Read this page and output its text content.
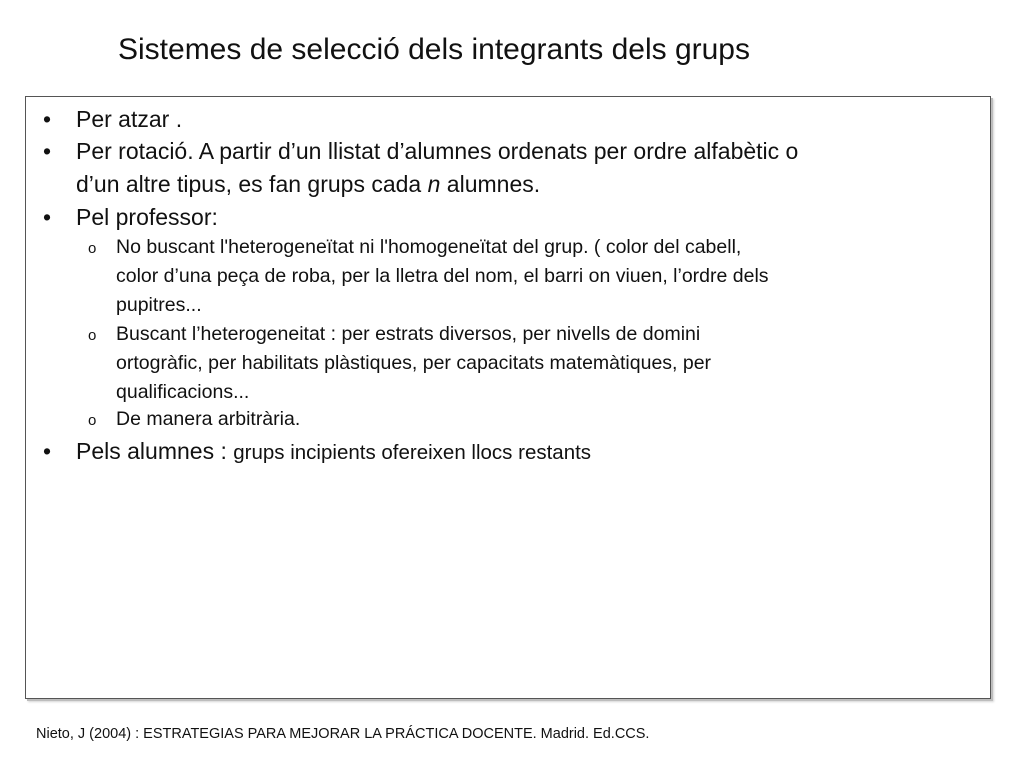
Sistemes de selecció dels integrants dels grups
• Per atzar .
• Per rotació. A partir d’un llistat d’alumnes ordenats per ordre alfabètic o
d’un altre tipus, es fan grups cada n alumnes.
• Pel professor:
o No buscant l'heterogeneïtat ni l'homogeneïtat del grup. ( color del cabell,
color d’una peça de roba, per la lletra del nom, el barri on viuen, l’ordre dels
pupitres...
o Buscant l’heterogeneitat : per estrats diversos, per nivells de domini
ortogràfic, per habilitats plàstiques, per capacitats matemàtiques, per
qualificacions...
o De manera arbitrària.
• Pels alumnes : grups incipients ofereixen llocs restants
Nieto, J (2004) : ESTRATEGIAS PARA MEJORAR LA PRÁCTICA DOCENTE. Madrid. Ed.CCS.
